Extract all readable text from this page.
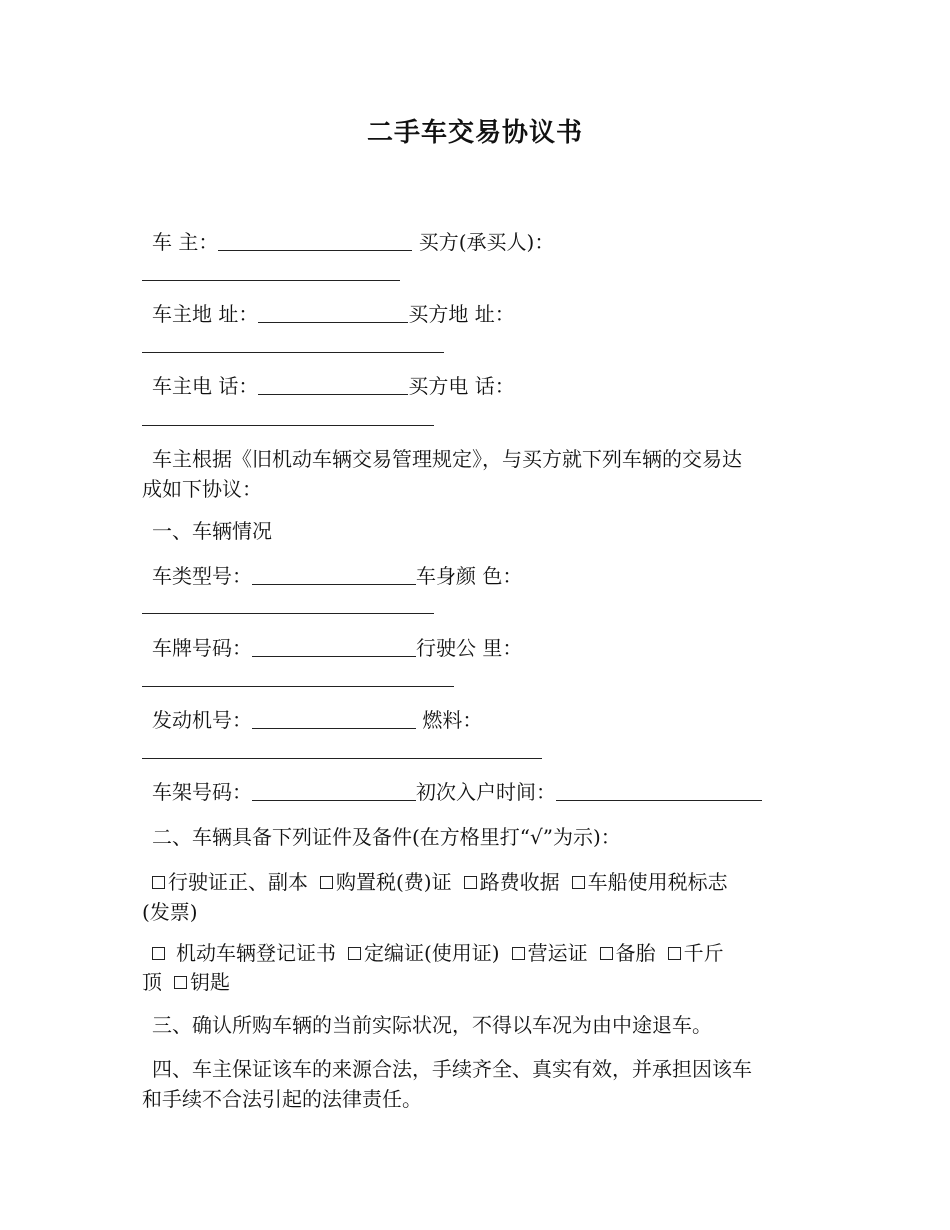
二手车交易协议书
车 主：	买方(承买人)：
车主地 址：	买方地 址：
车主电 话：	买方电 话：
车主根据《旧机动车辆交易管理规定》，与买方就下列车辆的交易达
成如下协议：
一、车辆情况
车类型号：	车身颜 色：
车牌号码：	行驶公 里：
发动机号：	燃料：
车架号码：	初次入户时间：
二、车辆具备下列证件及备件(在方格里打“√”为示)：
行驶证正、副本 购置税(费)证 路费收据 车船使用税标志
(发票)
机动车辆登记证书 定编证(使用证) 营运证 备胎 千斤
顶 钥匙
三、确认所购车辆的当前实际状况，不得以车况为由中途退车。
四、车主保证该车的来源合法，手续齐全、真实有效，并承担因该车
和手续不合法引起的法律责任。
